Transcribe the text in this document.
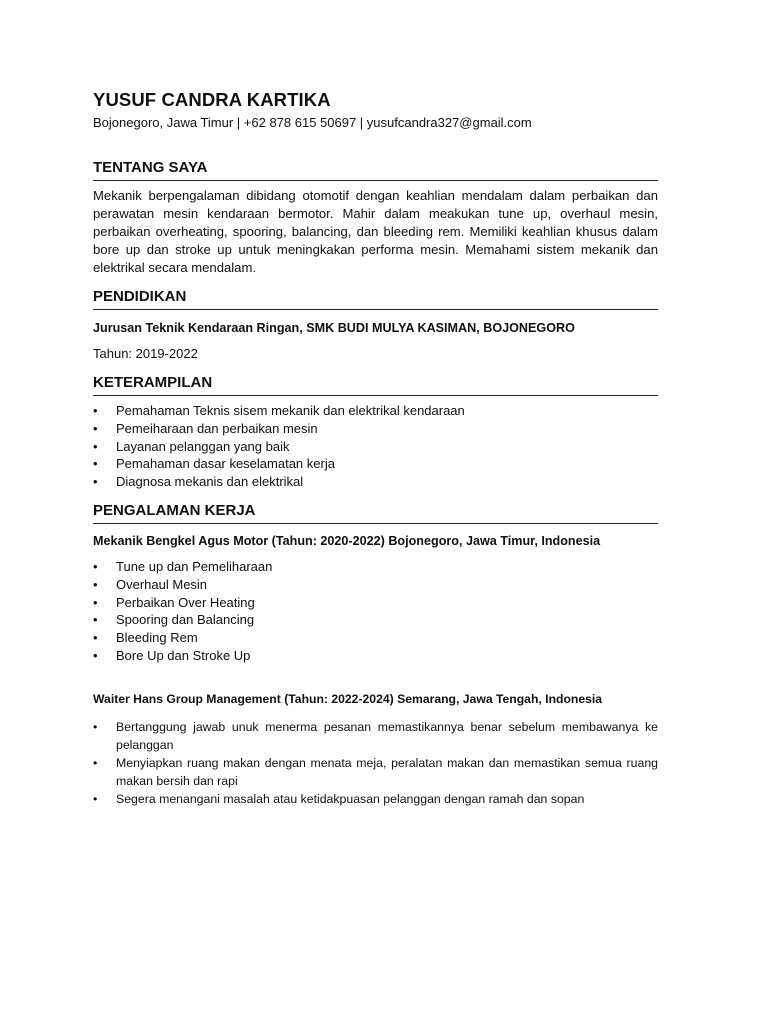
YUSUF CANDRA KARTIKA
Bojonegoro, Jawa Timur | +62 878 615 50697 | yusufcandra327@gmail.com
TENTANG SAYA
Mekanik berpengalaman dibidang otomotif dengan keahlian mendalam dalam perbaikan dan perawatan mesin kendaraan bermotor. Mahir dalam meakukan tune up, overhaul mesin, perbaikan overheating, spooring, balancing, dan bleeding rem. Memiliki keahlian khusus dalam bore up dan stroke up untuk meningkakan performa mesin. Memahami sistem mekanik dan elektrikal secara mendalam.
PENDIDIKAN
Jurusan Teknik Kendaraan Ringan, SMK BUDI MULYA KASIMAN, BOJONEGORO
Tahun: 2019-2022
KETERAMPILAN
•	Pemahaman Teknis sisem mekanik dan elektrikal kendaraan
•	Pemeiharaan dan perbaikan mesin
•	Layanan pelanggan yang baik
•	Pemahaman dasar keselamatan kerja
•	Diagnosa mekanis dan elektrikal
PENGALAMAN KERJA
Mekanik Bengkel Agus Motor (Tahun: 2020-2022) Bojonegoro, Jawa Timur, Indonesia
•	Tune up dan Pemeliharaan
•	Overhaul Mesin
•	Perbaikan Over Heating
•	Spooring dan Balancing
•	Bleeding Rem
•	Bore Up dan Stroke Up
Waiter Hans Group Management (Tahun: 2022-2024) Semarang, Jawa Tengah, Indonesia
•	Bertanggung jawab unuk menerma pesanan memastikannya benar sebelum membawanya ke pelanggan
•	Menyiapkan ruang makan dengan menata meja, peralatan makan dan memastikan semua ruang makan bersih dan rapi
•	Segera menangani masalah atau ketidakpuasan pelanggan dengan ramah dan sopan
